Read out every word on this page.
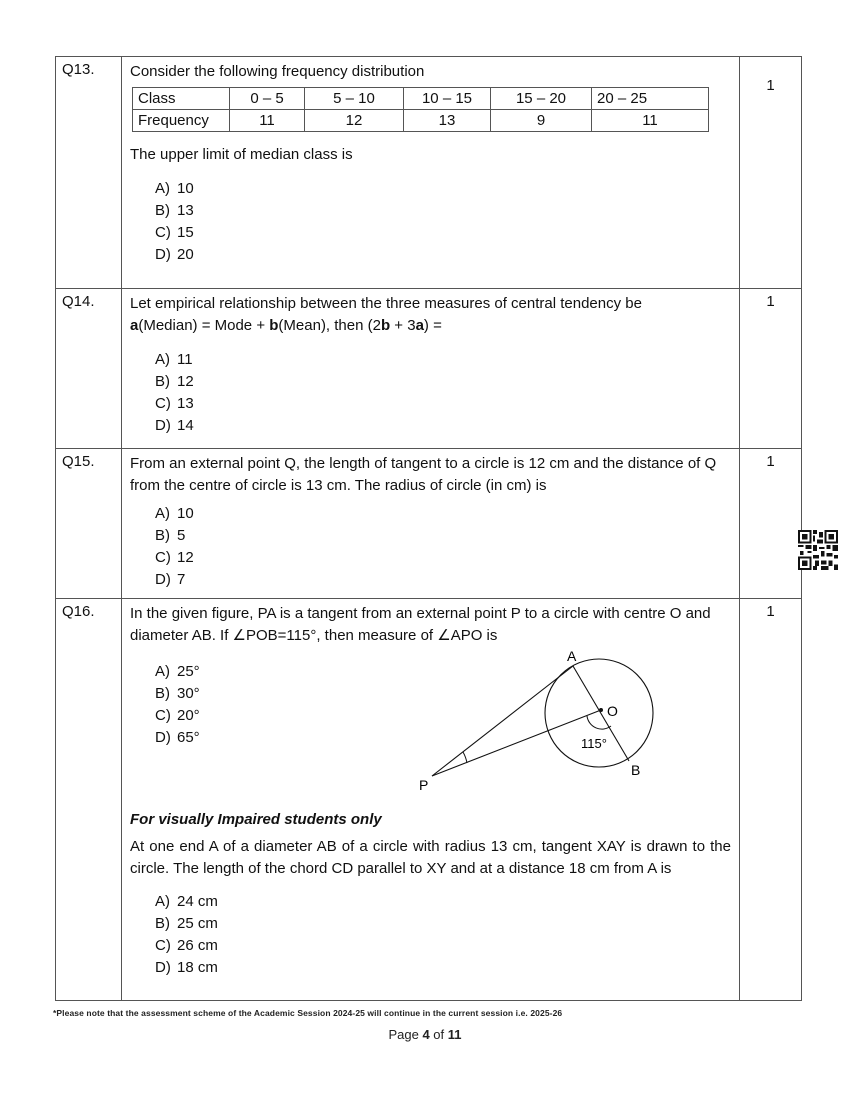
Q13.	Consider the following frequency distribution
Class	0 – 5	5 – 10	10 – 15	15 – 20	20 – 25
Frequency	11	12	13	9	11
The upper limit of median class is
A) 10
B) 13
C) 15
D) 20

1

Q14.	Let empirical relationship between the three measures of central tendency be
a(Median) = Mode + b(Mean), then (2b + 3a) =
A) 11
B) 12
C) 13
D) 14

1

Q15.	From an external point Q, the length of tangent to a circle is 12 cm and the distance of Q from the centre of circle is 13 cm. The radius of circle (in cm) is
A) 10
B) 5
C) 12
D) 7

1

Q16.	In the given figure, PA is a tangent from an external point P to a circle with centre O and diameter AB. If ∠POB=115°, then measure of ∠APO is
A) 25°
B) 30°
C) 20°
D) 65°
A
O
115°
B
P
For visually Impaired students only
At one end A of a diameter AB of a circle with radius 13 cm, tangent XAY is drawn to the circle. The length of the chord CD parallel to XY and at a distance 18 cm from A is
A) 24 cm
B) 25 cm
C) 26 cm
D) 18 cm

1
*Please note that the assessment scheme of the Academic Session 2024-25 will continue in the current session i.e. 2025-26
Page 4 of 11
